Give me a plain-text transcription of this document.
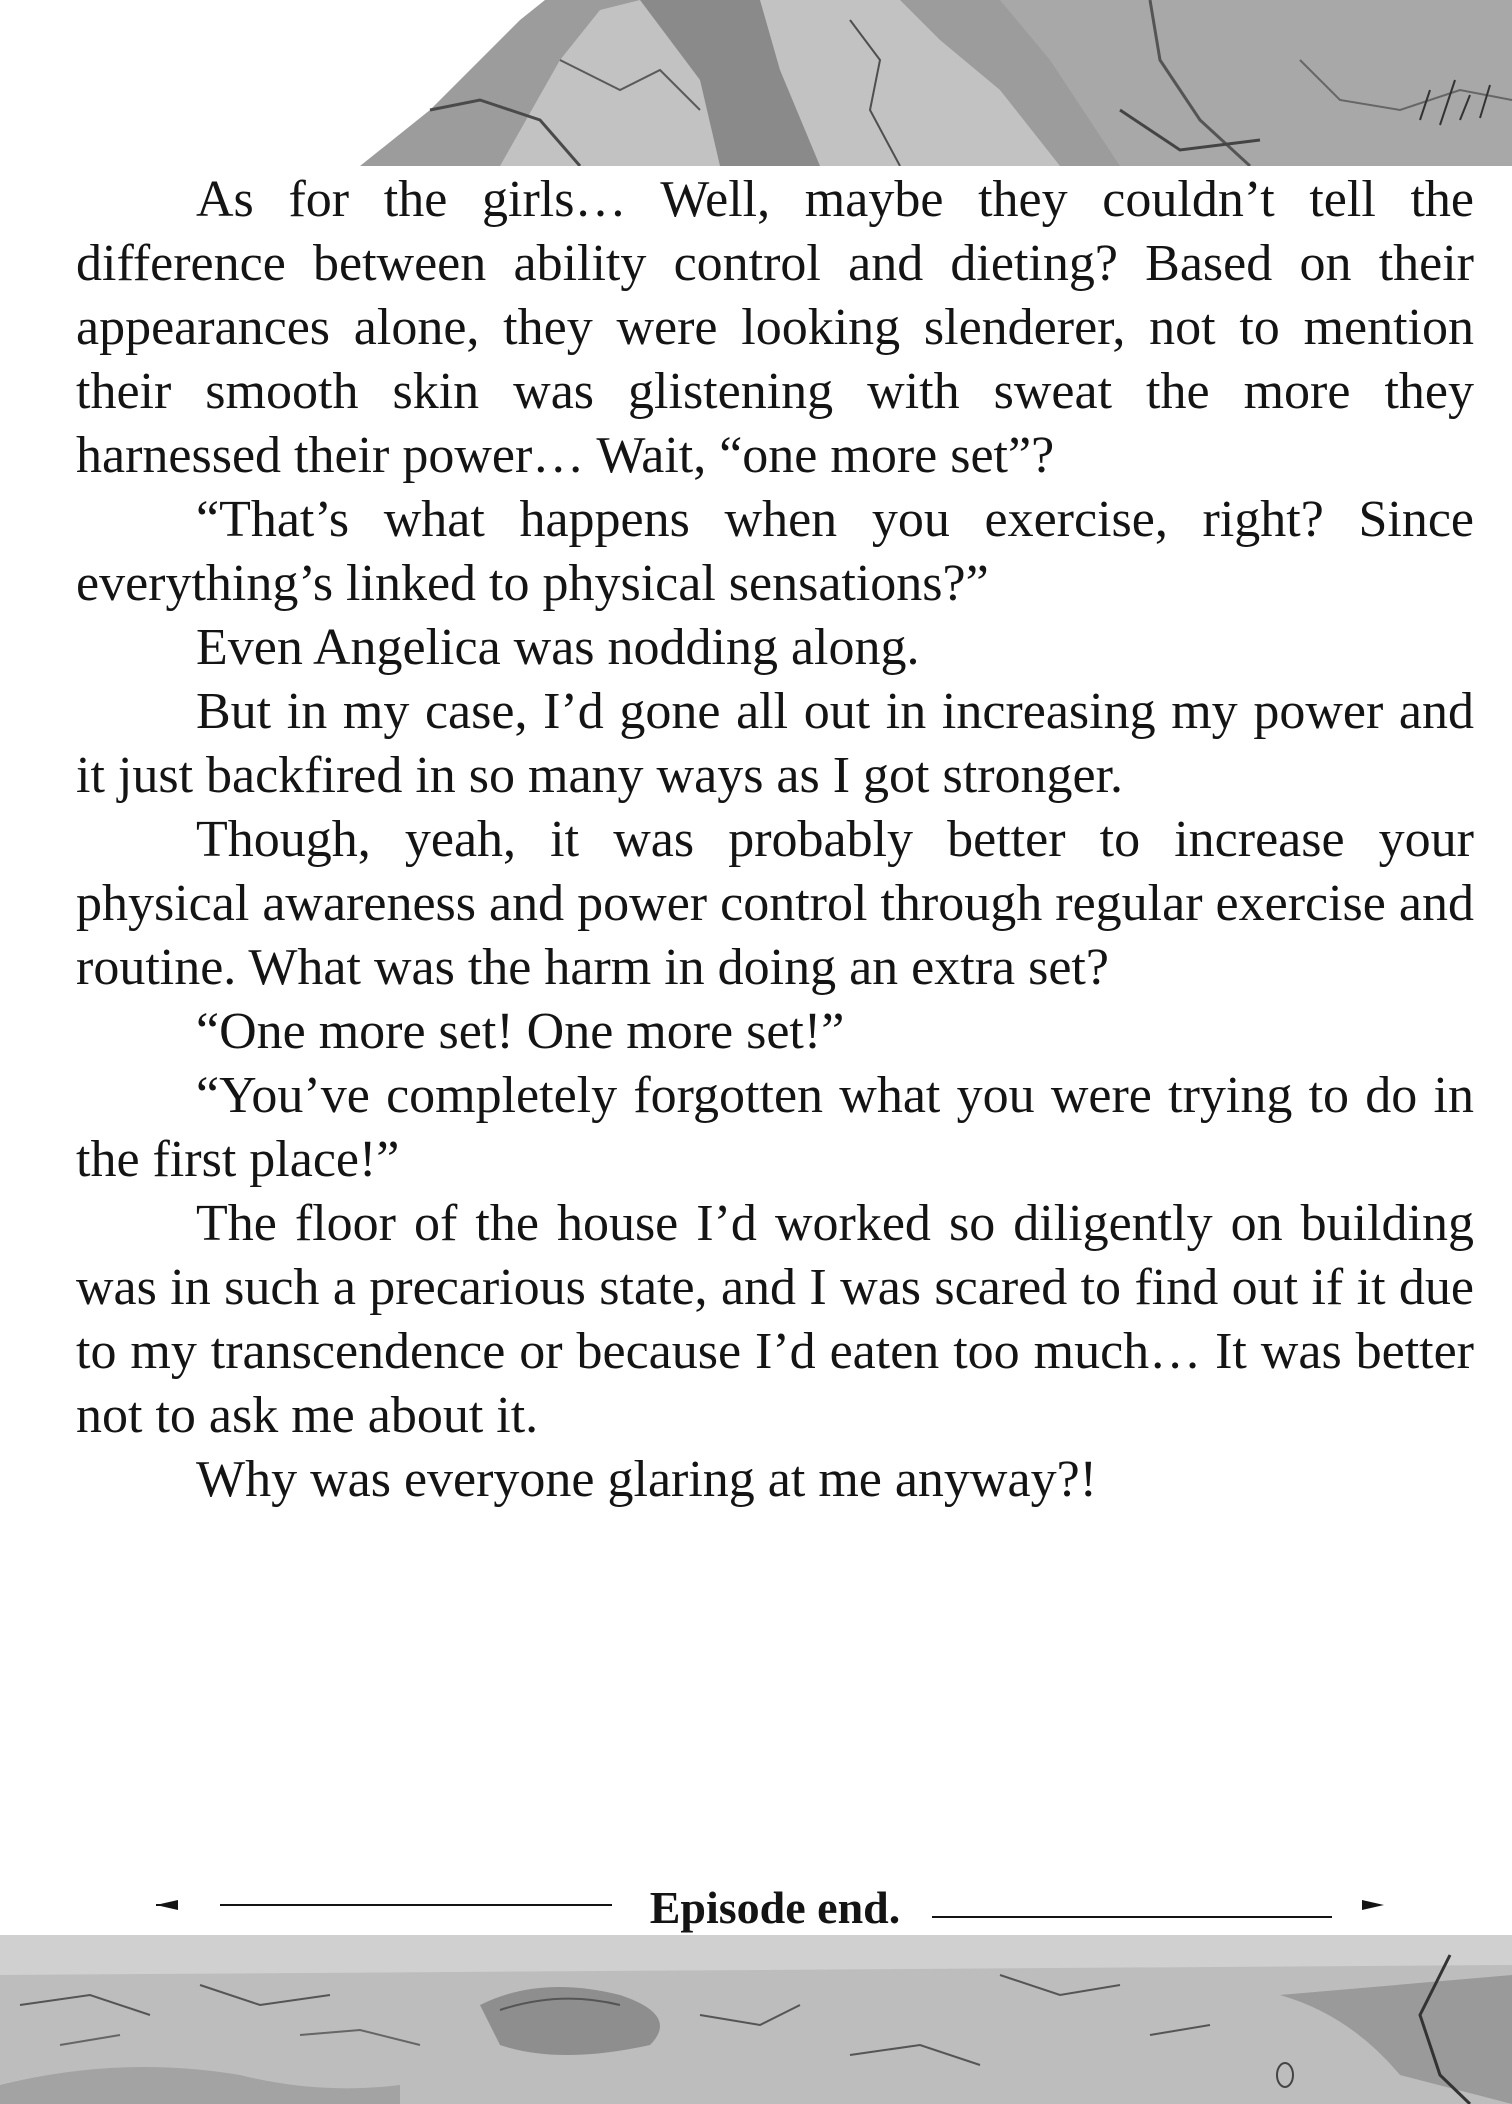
As for the girls… Well, maybe they couldn’t tell the difference between ability control and dieting? Based on their appearances alone, they were looking slenderer, not to mention their smooth skin was glistening with sweat the more they harnessed their power… Wait, “one more set”?

“That’s what happens when you exercise, right? Since everything’s linked to physical sensations?”

Even Angelica was nodding along.

But in my case, I’d gone all out in increasing my power and it just backfired in so many ways as I got stronger.

Though, yeah, it was probably better to increase your physical awareness and power control through regular exercise and routine. What was the harm in doing an extra set?

“One more set! One more set!”

“You’ve completely forgotten what you were trying to do in the first place!”

The floor of the house I’d worked so diligently on building was in such a precarious state, and I was scared to find out if it due to my transcendence or because I’d eaten too much… It was better not to ask me about it.

Why was everyone glaring at me anyway?!

Episode end.
